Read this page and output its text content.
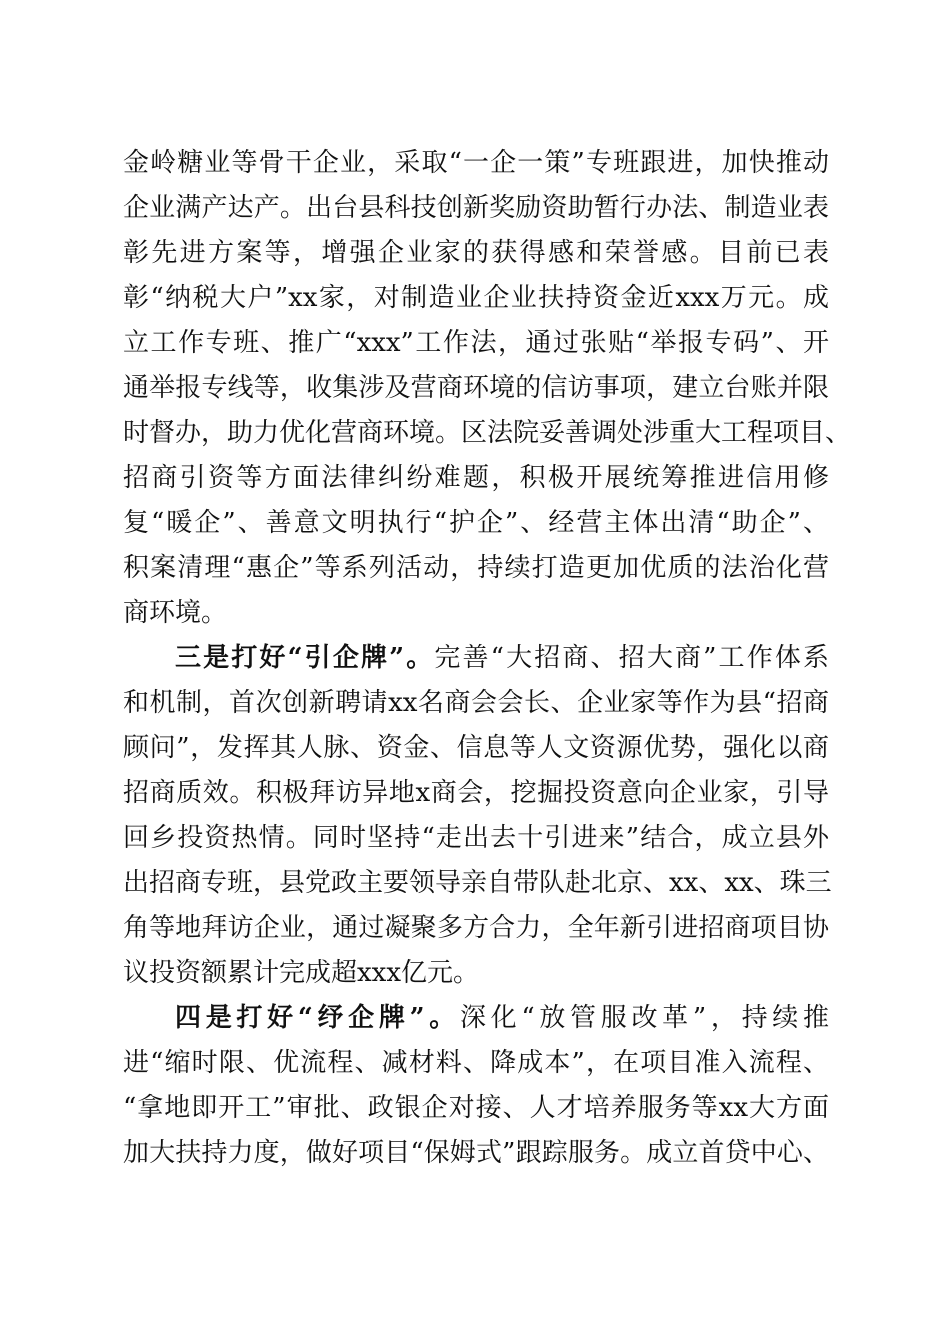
金岭糖业等骨干企业，采取“一企一策”专班跟进，加快推动
企业满产达产。出台县科技创新奖励资助暂行办法、制造业表
彰先进方案等，增强企业家的获得感和荣誉感。目前已表
彰“纳税大户”xx家，对制造业企业扶持资金近xxx万元。成
立工作专班、推广“xxx”工作法，通过张贴“举报专码”、开
通举报专线等，收集涉及营商环境的信访事项，建立台账并限
时督办，助力优化营商环境。区法院妥善调处涉重大工程项目、
招商引资等方面法律纠纷难题，积极开展统筹推进信用修
复“暖企”、善意文明执行“护企”、经营主体出清“助企”、
积案清理“惠企”等系列活动，持续打造更加优质的法治化营
商环境。
三是打好“引企牌”。完善“大招商、招大商”工作体系
和机制，首次创新聘请xx名商会会长、企业家等作为县“招商
顾问”，发挥其人脉、资金、信息等人文资源优势，强化以商
招商质效。积极拜访异地x商会，挖掘投资意向企业家，引导
回乡投资热情。同时坚持“走出去十引进来”结合，成立县外
出招商专班，县党政主要领导亲自带队赴北京、xx、xx、珠三
角等地拜访企业，通过凝聚多方合力，全年新引进招商项目协
议投资额累计完成超xxx亿元。
四是打好“纾企牌”。深化“放管服改革”，持续推
进“缩时限、优流程、减材料、降成本”，在项目准入流程、
“拿地即开工”审批、政银企对接、人才培养服务等xx大方面
加大扶持力度，做好项目“保姆式”跟踪服务。成立首贷中心、
